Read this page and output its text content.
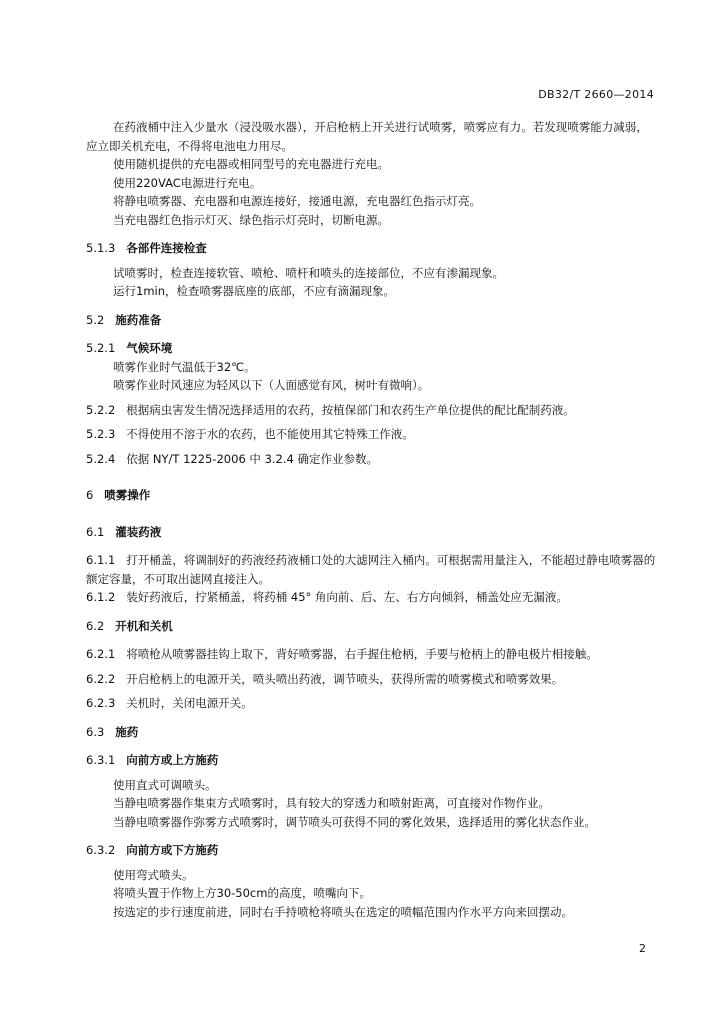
DB32/T 2660—2014
在药液桶中注入少量水（浸没吸水器），开启枪柄上开关进行试喷雾，喷雾应有力。若发现喷雾能力减弱，应立即关机充电，不得将电池电力用尽。
使用随机提供的充电器或相同型号的充电器进行充电。
使用220VAC电源进行充电。
将静电喷雾器、充电器和电源连接好，接通电源，充电器红色指示灯亮。
当充电器红色指示灯灭、绿色指示灯亮时，切断电源。
5.1.3 各部件连接检查
试喷雾时，检查连接软管、喷枪、喷杆和喷头的连接部位，不应有渗漏现象。
运行1min，检查喷雾器底座的底部，不应有滴漏现象。
5.2 施药准备
5.2.1 气候环境
喷雾作业时气温低于32℃。
喷雾作业时风速应为轻风以下（人面感觉有风，树叶有微响）。
5.2.2 根据病虫害发生情况选择适用的农药，按植保部门和农药生产单位提供的配比配制药液。
5.2.3 不得使用不溶于水的农药，也不能使用其它特殊工作液。
5.2.4 依据 NY/T 1225-2006 中 3.2.4 确定作业参数。
6 喷雾操作
6.1 灌装药液
6.1.1 打开桶盖，将调制好的药液经药液桶口处的大滤网注入桶内。可根据需用量注入，不能超过静电喷雾器的额定容量，不可取出滤网直接注入。
6.1.2 装好药液后，拧紧桶盖，将药桶 45° 角向前、后、左、右方向倾斜，桶盖处应无漏液。
6.2 开机和关机
6.2.1 将喷枪从喷雾器挂钩上取下，背好喷雾器，右手握住枪柄，手要与枪柄上的静电极片相接触。
6.2.2 开启枪柄上的电源开关，喷头喷出药液，调节喷头，获得所需的喷雾模式和喷雾效果。
6.2.3 关机时，关闭电源开关。
6.3 施药
6.3.1 向前方或上方施药
使用直式可调喷头。
当静电喷雾器作集束方式喷雾时，具有较大的穿透力和喷射距离，可直接对作物作业。
当静电喷雾器作弥雾方式喷雾时，调节喷头可获得不同的雾化效果，选择适用的雾化状态作业。
6.3.2 向前方或下方施药
使用弯式喷头。
将喷头置于作物上方30-50cm的高度，喷嘴向下。
按选定的步行速度前进，同时右手持喷枪将喷头在选定的喷幅范围内作水平方向来回摆动。
2
